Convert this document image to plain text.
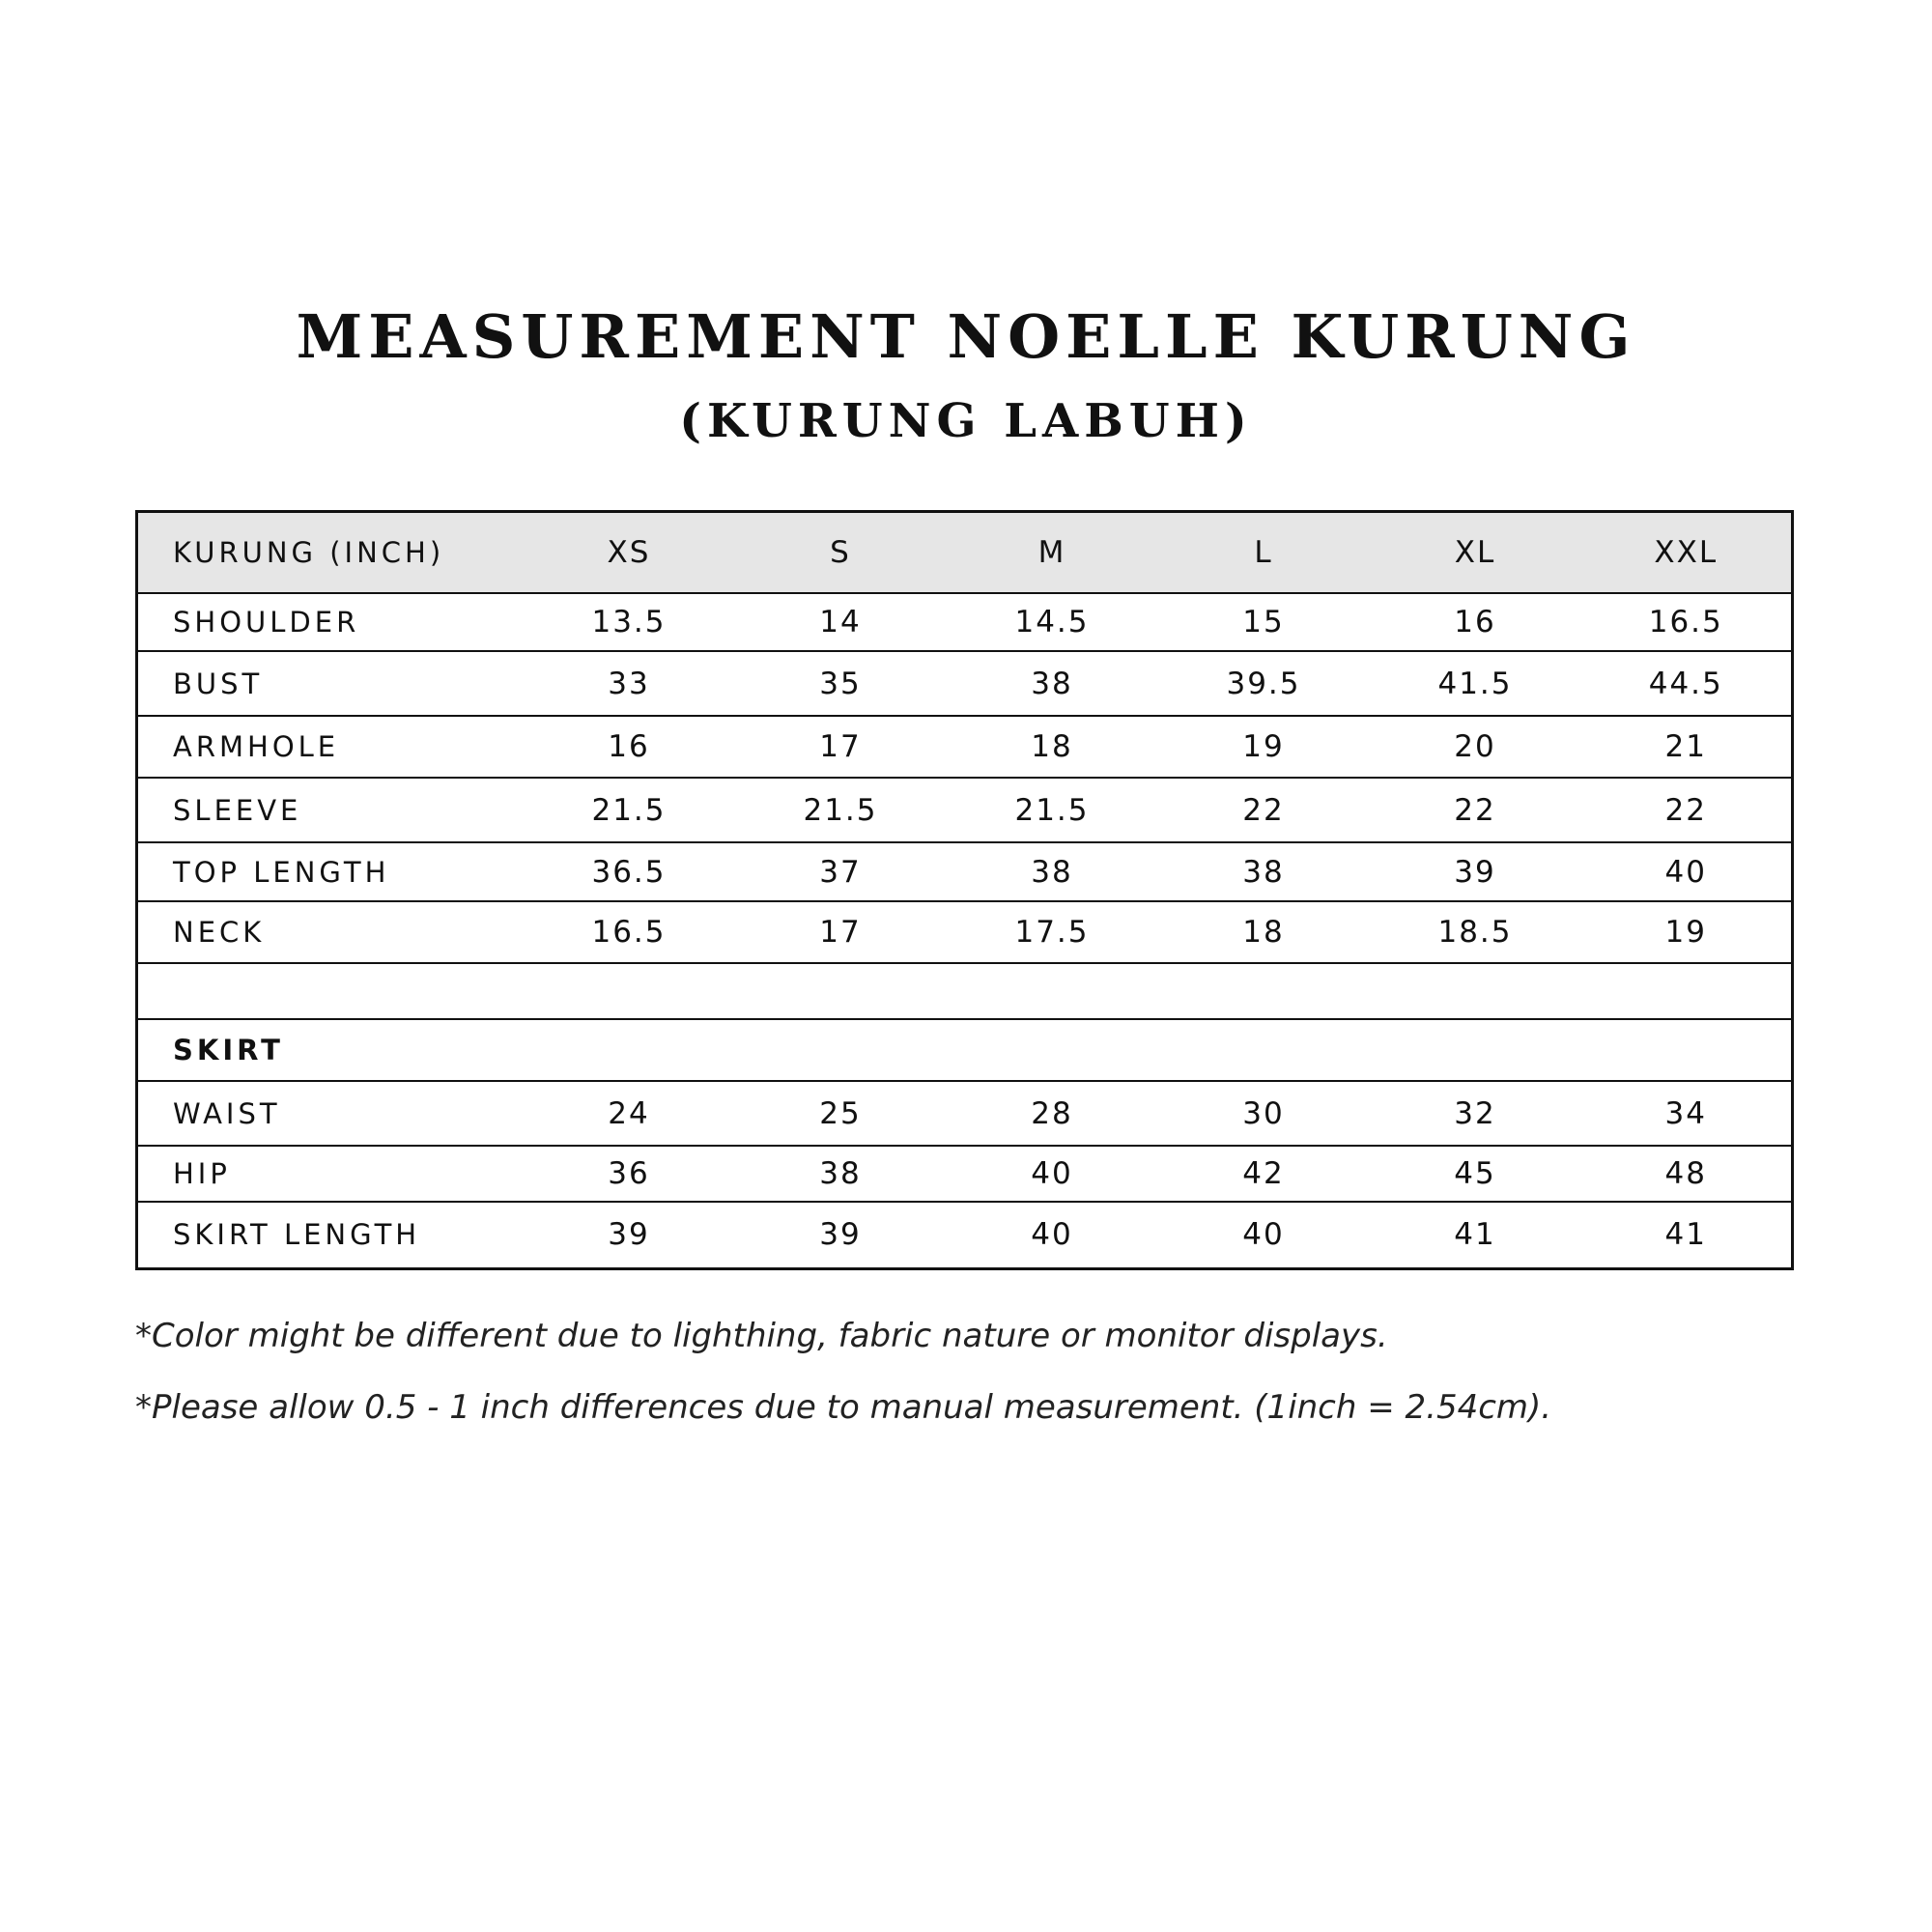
MEASUREMENT NOELLE KURUNG
(KURUNG LABUH)
KURUNG (INCH)	XS	S	M	L	XL	XXL
SHOULDER	13.5	14	14.5	15	16	16.5
BUST	33	35	38	39.5	41.5	44.5
ARMHOLE	16	17	18	19	20	21
SLEEVE	21.5	21.5	21.5	22	22	22
TOP LENGTH	36.5	37	38	38	39	40
NECK	16.5	17	17.5	18	18.5	19

SKIRT						
WAIST	24	25	28	30	32	34
HIP	36	38	40	42	45	48
SKIRT LENGTH	39	39	40	40	41	41

*Color might be different due to lighthing, fabric nature or monitor displays.

*Please allow 0.5 - 1 inch differences due to manual measurement. (1inch = 2.54cm).
